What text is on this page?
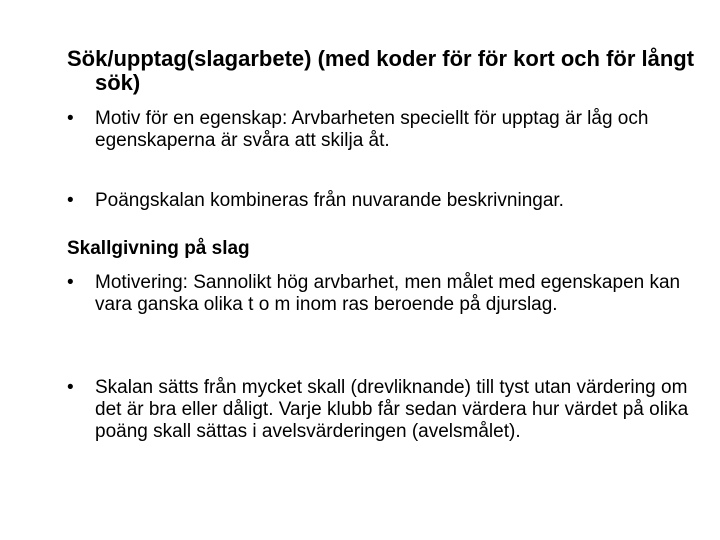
Sök/upptag(slagarbete) (med koder för för kort och för långt sök)

•	Motiv för en egenskap: Arvbarheten speciellt för upptag är låg och egenskaperna är svåra att skilja åt.
•	Poängskalan kombineras från nuvarande beskrivningar.

Skallgivning på slag

•	Motivering: Sannolikt hög arvbarhet, men målet med egenskapen kan vara ganska olika t o m inom ras beroende på djurslag.
•	Skalan sätts från mycket skall (drevliknande) till tyst utan värdering om det är bra eller dåligt. Varje klubb får sedan värdera hur värdet på olika poäng skall sättas i avelsvärderingen (avelsmålet).
